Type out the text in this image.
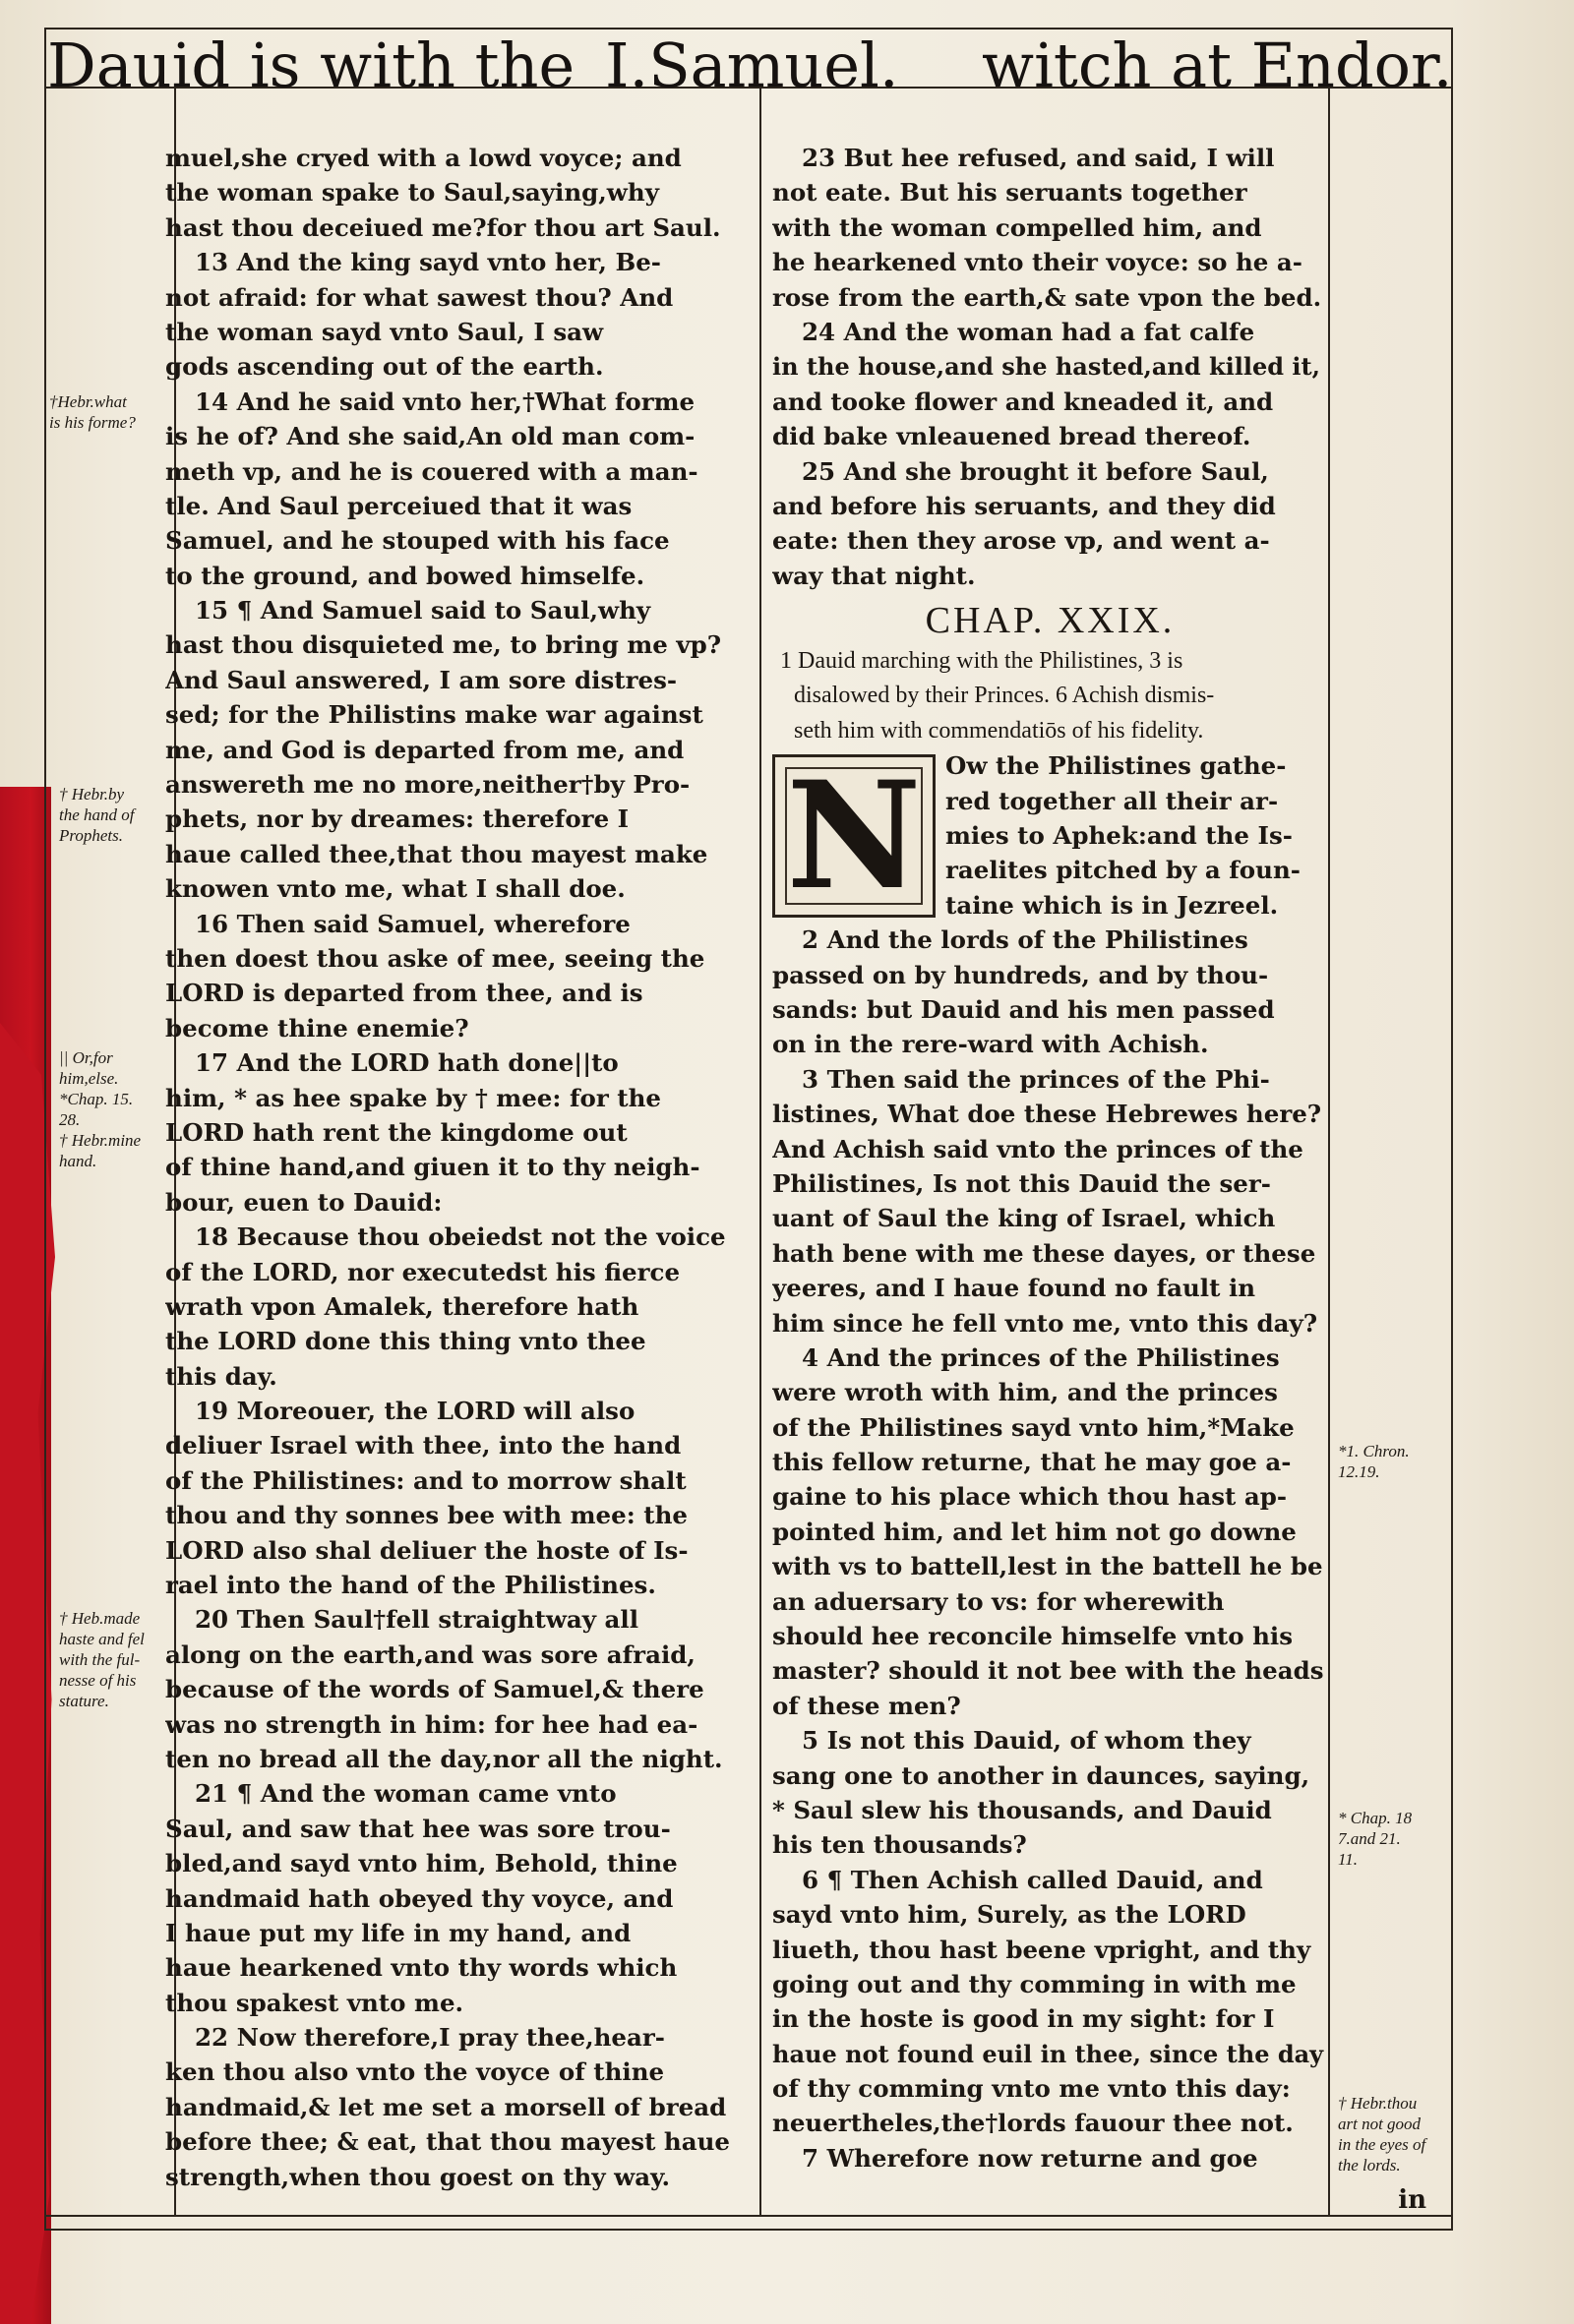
Dauid is with the I.Samuel. witch at Endor.
muel,she cryed with a lowd voyce; and
the woman spake to Saul,saying,why
hast thou deceiued me?for thou art Saul.
13 And the king sayd vnto her, Be-
not afraid: for what sawest thou? And
the woman sayd vnto Saul, I saw
gods ascending out of the earth.
14 And he said vnto her,†What forme
is he of? And she said,An old man com-
meth vp, and he is couered with a man-
tle. And Saul perceiued that it was
Samuel, and he stouped with his face
to the ground, and bowed himselfe.
15 ¶ And Samuel said to Saul,why
hast thou disquieted me, to bring me vp?
And Saul answered, I am sore distres-
sed; for the Philistins make war against
me, and God is departed from me, and
answereth me no more,neither†by Pro-
phets, nor by dreames: therefore I
haue called thee,that thou mayest make
knowen vnto me, what I shall doe.
16 Then said Samuel, wherefore
then doest thou aske of mee, seeing the
LORD is departed from thee, and is
become thine enemie?
17 And the LORD hath done||to
him, * as hee spake by † mee: for the
LORD hath rent the kingdome out
of thine hand,and giuen it to thy neigh-
bour, euen to Dauid:
18 Because thou obeiedst not the voice
of the LORD, nor executedst his fierce
wrath vpon Amalek, therefore hath
the LORD done this thing vnto thee
this day.
19 Moreouer, the LORD will also
deliuer Israel with thee, into the hand
of the Philistines: and to morrow shalt
thou and thy sonnes bee with mee: the
LORD also shal deliuer the hoste of Is-
rael into the hand of the Philistines.
20 Then Saul†fell straightway all
along on the earth,and was sore afraid,
because of the words of Samuel,& there
was no strength in him: for hee had ea-
ten no bread all the day,nor all the night.
21 ¶ And the woman came vnto
Saul, and saw that hee was sore trou-
bled,and sayd vnto him, Behold, thine
handmaid hath obeyed thy voyce, and
I haue put my life in my hand, and
haue hearkened vnto thy words which
thou spakest vnto me.
22 Now therefore,I pray thee,hear-
ken thou also vnto the voyce of thine
handmaid,& let me set a morsell of bread
before thee; & eat, that thou mayest haue
strength,when thou goest on thy way.
23 But hee refused, and said, I will
not eate. But his seruants together
with the woman compelled him, and
he hearkened vnto their voyce: so he a-
rose from the earth,& sate vpon the bed.
24 And the woman had a fat calfe
in the house,and she hasted,and killed it,
and tooke flower and kneaded it, and
did bake vnleauened bread thereof.
25 And she brought it before Saul,
and before his seruants, and they did
eate: then they arose vp, and went a-
way that night.
CHAP. XXIX.
1 Dauid marching with the Philistines, 3 is
disalowed by their Princes. 6 Achish dismis-
seth him with commendatiōs of his fidelity.
N Ow the Philistines gathe-
red together all their ar-
mies to Aphek:and the Is-
raelites pitched by a foun-
taine which is in Jezreel.
2 And the lords of the Philistines
passed on by hundreds, and by thou-
sands: but Dauid and his men passed
on in the rere-ward with Achish.
3 Then said the princes of the Phi-
listines, What doe these Hebrewes here?
And Achish said vnto the princes of the
Philistines, Is not this Dauid the ser-
uant of Saul the king of Israel, which
hath bene with me these dayes, or these
yeeres, and I haue found no fault in
him since he fell vnto me, vnto this day?
4 And the princes of the Philistines
were wroth with him, and the princes
of the Philistines sayd vnto him,*Make
this fellow returne, that he may goe a-
gaine to his place which thou hast ap-
pointed him, and let him not go downe
with vs to battell,lest in the battell he be
an aduersary to vs: for wherewith
should hee reconcile himselfe vnto his
master? should it not bee with the heads
of these men?
5 Is not this Dauid, of whom they
sang one to another in daunces, saying,
* Saul slew his thousands, and Dauid
his ten thousands?
6 ¶ Then Achish called Dauid, and
sayd vnto him, Surely, as the LORD
liueth, thou hast beene vpright, and thy
going out and thy comming in with me
in the hoste is good in my sight: for I
haue not found euil in thee, since the day
of thy comming vnto me vnto this day:
neuertheles,the†lords fauour thee not.
7 Wherefore now returne and goe
†Hebr.what
is his forme?
† Hebr.by
the hand of
Prophets.
|| Or,for
him,else.
*Chap. 15.
28.
† Hebr.mine
hand.
† Heb.made
haste and fel
with the ful-
nesse of his
stature.
*1. Chron.
12.19.
* Chap. 18
7.and 21.
11.
† Hebr.thou
art not good
in the eyes of
the lords.
in
